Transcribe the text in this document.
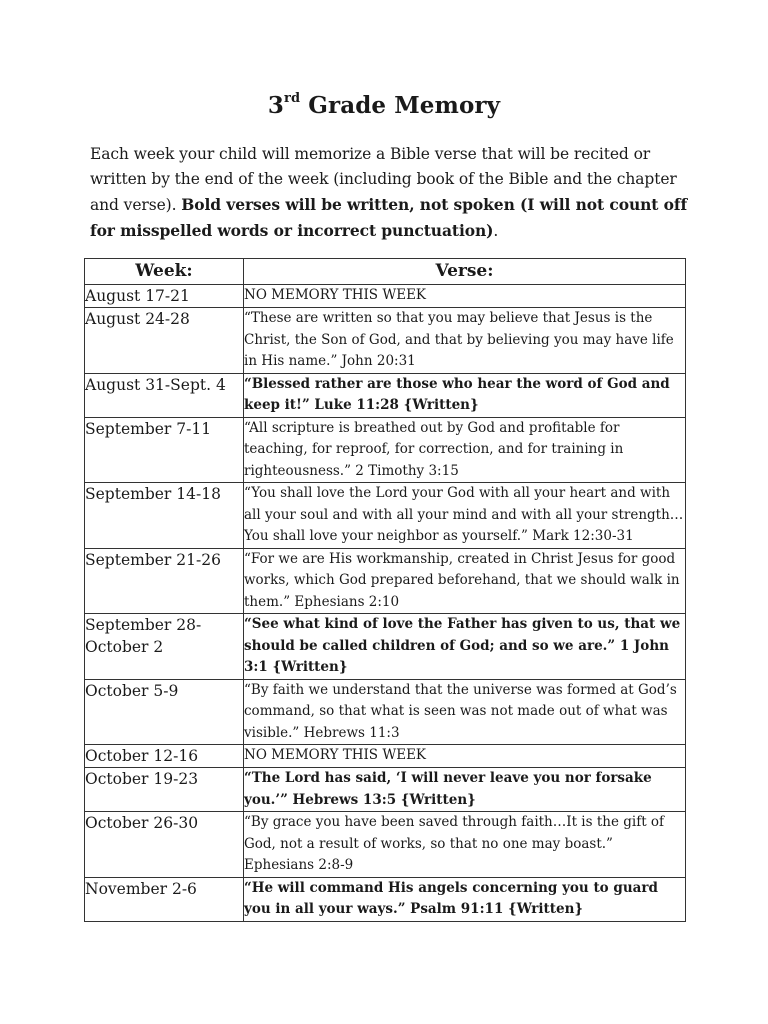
3rd Grade Memory
Each week your child will memorize a Bible verse that will be recited or written by the end of the week (including book of the Bible and the chapter and verse). Bold verses will be written, not spoken (I will not count off for misspelled words or incorrect punctuation).
Week:	Verse:
August 17-21	NO MEMORY THIS WEEK
August 24-28	“These are written so that you may believe that Jesus is the Christ, the Son of God, and that by believing you may have life in His name.” John 20:31
August 31-Sept. 4	“Blessed rather are those who hear the word of God and keep it!” Luke 11:28 {Written}
September 7-11	“All scripture is breathed out by God and profitable for teaching, for reproof, for correction, and for training in righteousness.” 2 Timothy 3:15
September 14-18	“You shall love the Lord your God with all your heart and with all your soul and with all your mind and with all your strength…You shall love your neighbor as yourself.” Mark 12:30-31
September 21-26	“For we are His workmanship, created in Christ Jesus for good works, which God prepared beforehand, that we should walk in them.” Ephesians 2:10
September 28-October 2	“See what kind of love the Father has given to us, that we should be called children of God; and so we are.” 1 John 3:1 {Written}
October 5-9	“By faith we understand that the universe was formed at God’s command, so that what is seen was not made out of what was visible.” Hebrews 11:3
October 12-16	NO MEMORY THIS WEEK
October 19-23	“The Lord has said, ‘I will never leave you nor forsake you.’” Hebrews 13:5 {Written}
October 26-30	“By grace you have been saved through faith…It is the gift of God, not a result of works, so that no one may boast.” Ephesians 2:8-9
November 2-6	“He will command His angels concerning you to guard you in all your ways.” Psalm 91:11 {Written}
